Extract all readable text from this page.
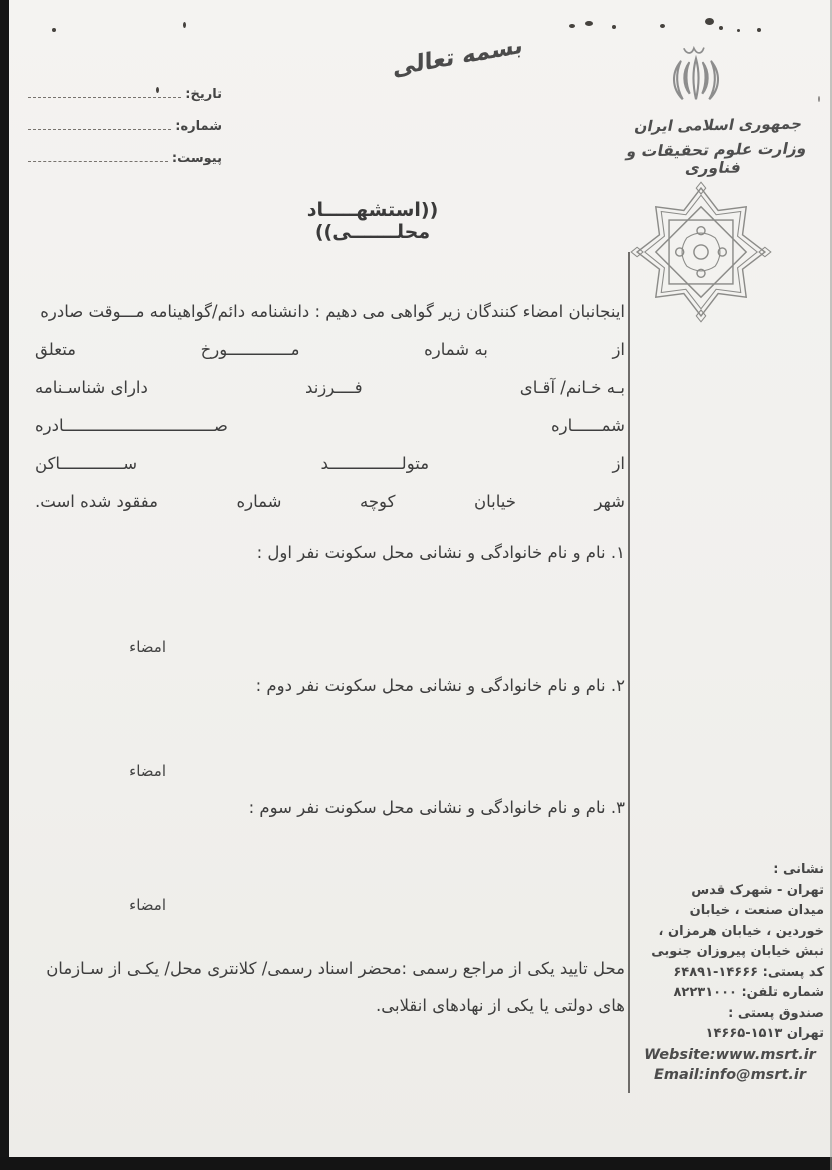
بسمه تعالی
جمهوری اسلامی ایران
وزارت علوم تحقیقات و فناوری
تاریخ:
شماره:
پیوست:
((استشهـــــاد محلـــــــی))
اینجانبان امضاء کنندگان زیر گواهی می دهیم : دانشنامه دائم/گواهینامه مـــوقت صادره
از
به شماره
مـــــــــــــورخ
متعلق
بـه خـانم/ آقـای
فــــرزند
دارای شناسـنامه
شمــــــاره
صـــــــــــــــــــــــــــــــادره
از
متولـــــــــــــــد
ســـــــــــــاکن
شهر
خیابان
کوچه
شماره
مفقود شده است.
۱. نام و نام خانوادگی و نشانی محل سکونت نفر اول :
امضاء
۲. نام و نام خانوادگی و نشانی محل سکونت نفر دوم :
امضاء
۳. نام و نام خانوادگی و نشانی محل سکونت نفر سوم :
امضاء
محل تایید یکی از مراجع رسمی :محضر اسناد رسمی/ کلانتری محل/ یکـی از سـازمان
های دولتی یا یکی از نهادهای انقلابی.
نشانی :
تهران - شهرک قدس
میدان صنعت ، خیابان
خوردین ، خیابان هرمزان ،
نبش خیابان پیروزان جنوبی
کد پستی: ۱۴۶۶۶-۶۴۸۹۱
شماره تلفن: ۸۲۲۳۱۰۰۰
صندوق پستی :
تهران ۱۵۱۳-۱۴۶۶۵
Website:www.msrt.ir
Email:info@msrt.ir
